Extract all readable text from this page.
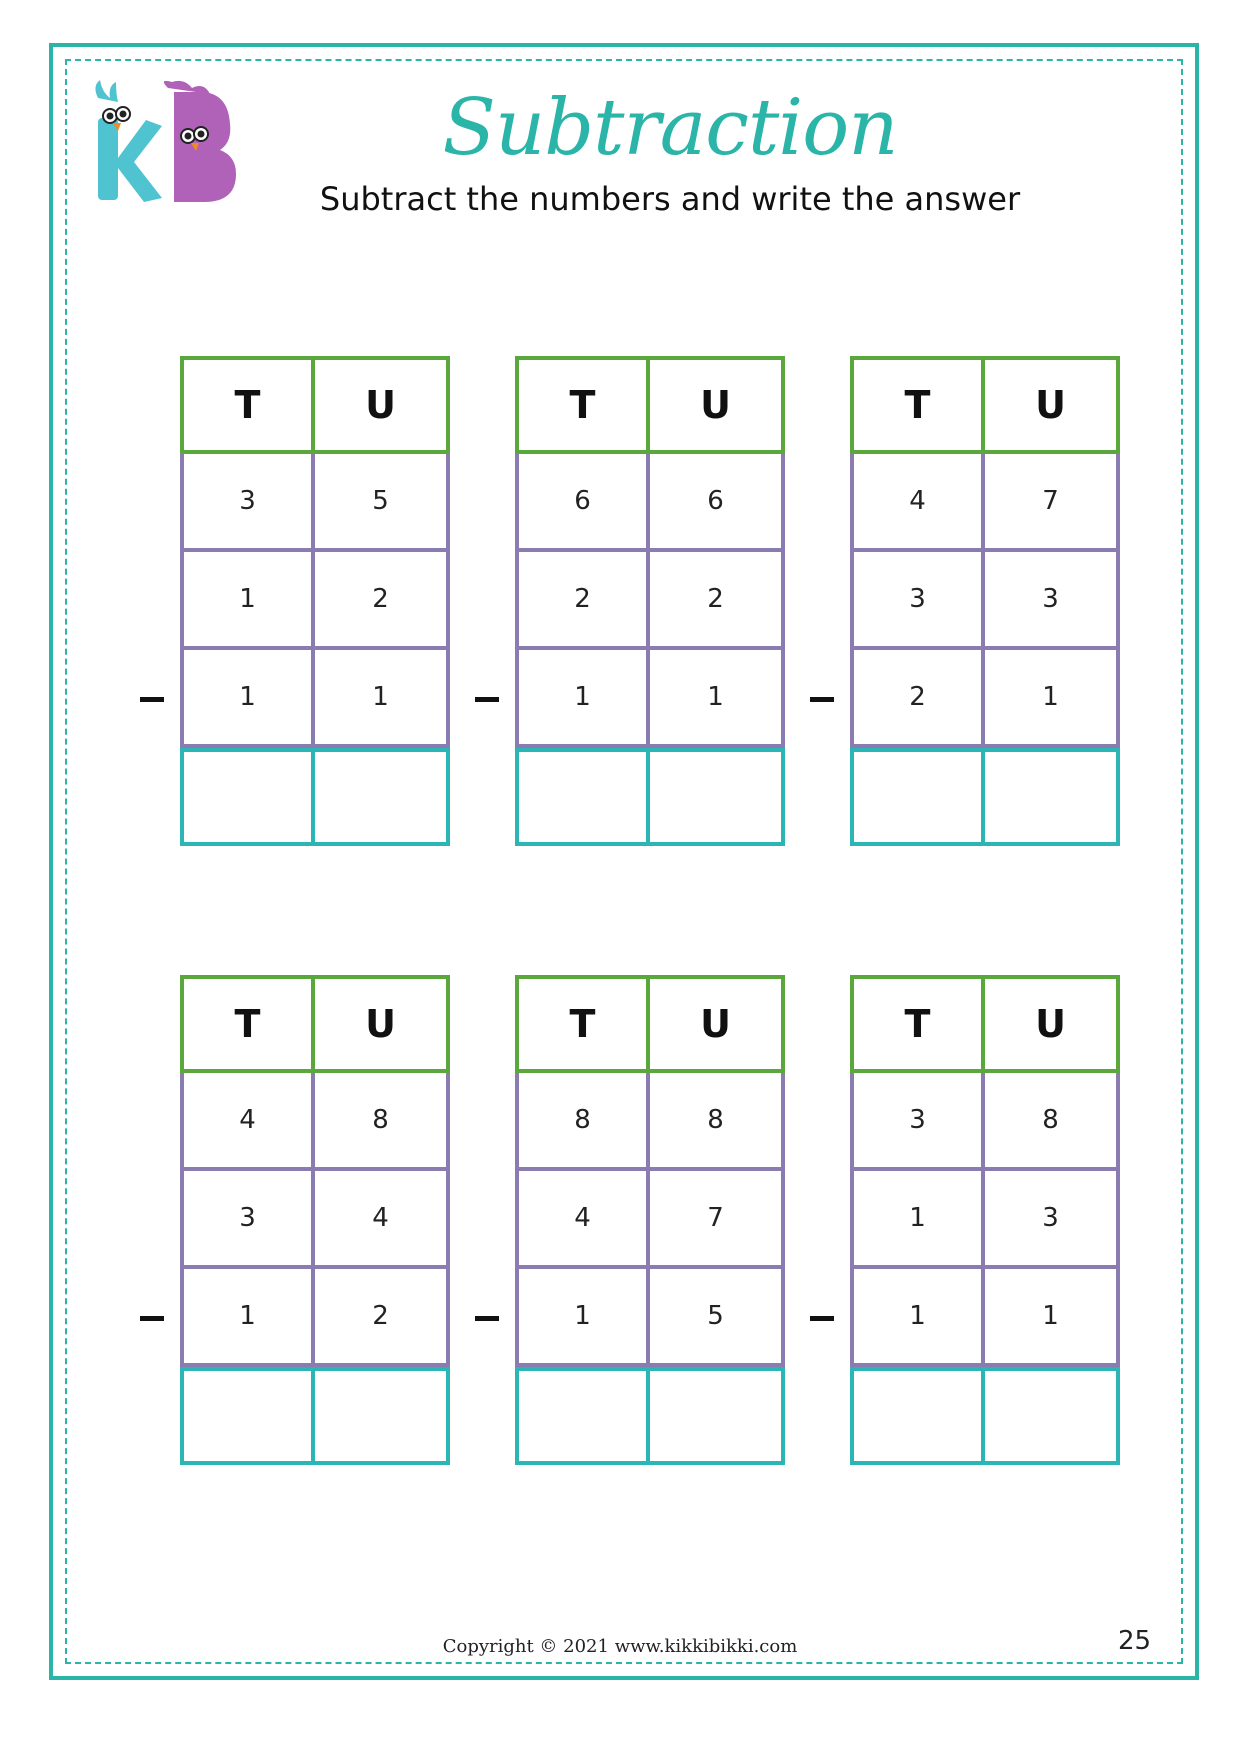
Subtraction
Subtract the numbers and write the answer
T	U
3	5
1	2
1	1
T	U
6	6
2	2
1	1
T	U
4	7
3	3
2	1
T	U
4	8
3	4
1	2
T	U
8	8
4	7
1	5
T	U
3	8
1	3
1	1
Copyright © 2021 www.kikkibikki.com	25
